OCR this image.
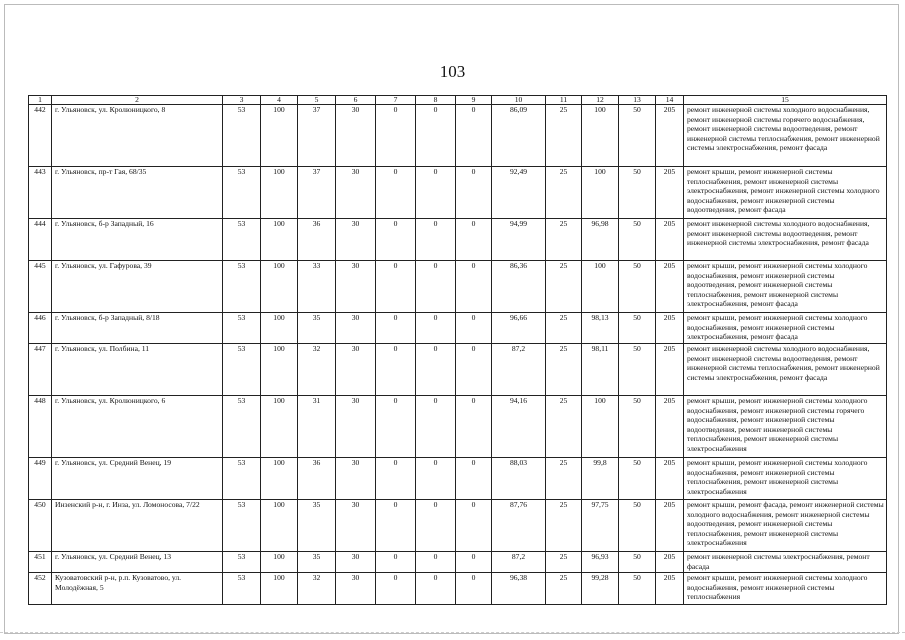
103
1	2	3	4	5	6	7	8	9	10	11	12	13	14	15
442	г. Ульяновск, ул. Кролюницкого, 8	53	100	37	30	0	0	0	86,09	25	100	50	205	ремонт инженерной системы холодного водоснабжения, ремонт инженерной системы горячего водоснабжения, ремонт инженерной системы водоотведения, ремонт инженерной системы теплоснабжения, ремонт инженерной системы электроснабжения, ремонт фасада
443	г. Ульяновск, пр-т Гая, 68/35	53	100	37	30	0	0	0	92,49	25	100	50	205	ремонт крыши, ремонт инженерной системы теплоснабжения, ремонт инженерной системы электроснабжения, ремонт инженерной системы холодного водоснабжения, ремонт инженерной системы водоотведения, ремонт фасада
444	г. Ульяновск, б-р Западный, 16	53	100	36	30	0	0	0	94,99	25	96,98	50	205	ремонт инженерной системы холодного водоснабжения, ремонт инженерной системы водоотведения, ремонт инженерной системы электроснабжения, ремонт фасада
445	г. Ульяновск, ул. Гафурова, 39	53	100	33	30	0	0	0	86,36	25	100	50	205	ремонт крыши, ремонт инженерной системы холодного водоснабжения, ремонт инженерной системы водоотведения, ремонт инженерной системы теплоснабжения, ремонт инженерной системы электроснабжения, ремонт фасада
446	г. Ульяновск, б-р Западный, 8/18	53	100	35	30	0	0	0	96,66	25	98,13	50	205	ремонт крыши, ремонт инженерной системы холодного водоснабжения, ремонт инженерной системы электроснабжения, ремонт фасада
447	г. Ульяновск, ул. Полбина, 11	53	100	32	30	0	0	0	87,2	25	98,11	50	205	ремонт инженерной системы холодного водоснабжения, ремонт инженерной системы водоотведения, ремонт инженерной системы теплоснабжения, ремонт инженерной системы электроснабжения, ремонт фасада
448	г. Ульяновск, ул. Кролюницкого, 6	53	100	31	30	0	0	0	94,16	25	100	50	205	ремонт крыши, ремонт инженерной системы холодного водоснабжения, ремонт инженерной системы горячего водоснабжения, ремонт инженерной системы водоотведения, ремонт инженерной системы теплоснабжения, ремонт инженерной системы электроснабжения
449	г. Ульяновск, ул. Средний Венец, 19	53	100	36	30	0	0	0	88,03	25	99,8	50	205	ремонт крыши, ремонт инженерной системы холодного водоснабжения, ремонт инженерной системы теплоснабжения, ремонт инженерной системы электроснабжения
450	Инзенский р-н, г. Инза, ул. Ломоносова, 7/22	53	100	35	30	0	0	0	87,76	25	97,75	50	205	ремонт крыши, ремонт фасада, ремонт инженерной системы холодного водоснабжения, ремонт инженерной системы водоотведения, ремонт инженерной системы теплоснабжения, ремонт инженерной системы электроснабжения
451	г. Ульяновск, ул. Средний Венец, 13	53	100	35	30	0	0	0	87,2	25	96,93	50	205	ремонт инженерной системы электроснабжения, ремонт фасада
452	Кузоватовский р-н, р.п. Кузоватово, ул. Молодёжная, 5	53	100	32	30	0	0	0	96,38	25	99,28	50	205	ремонт крыши, ремонт инженерной системы холодного водоснабжения, ремонт инженерной системы теплоснабжения
